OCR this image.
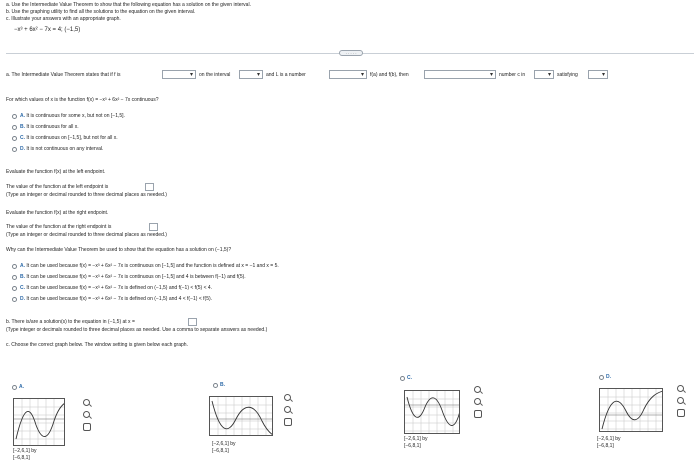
a. Use the Intermediate Value Theorem to show that the following equation has a solution on the given interval.
b. Use the graphing utility to find all the solutions to the equation on the given interval.
c. Illustrate your answers with an appropriate graph.
−x³ + 6x² − 7x = 4; (−1,5)
· · · · ·
a. The Intermediate Value Theorem states that if f is	▾ on the interval	▾ and L is a number	▾ f(a) and f(b), then	▾ number c in	▾ satisfying	▾
For which values of x is the function f(x) = −x³ + 6x² − 7x continuous?
A. It is continuous for some x, but not on [−1,5].
B. It is continuous for all x.
C. It is continuous on [−1,5], but not for all x.
D. It is not continuous on any interval.
Evaluate the function f(x) at the left endpoint.
The value of the function at the left endpoint is
(Type an integer or decimal rounded to three decimal places as needed.)
Evaluate the function f(x) at the right endpoint.
The value of the function at the right endpoint is
(Type an integer or decimal rounded to three decimal places as needed.)
Why can the Intermediate Value Theorem be used to show that the equation has a solution on (−1,5)?
A. It can be used because f(x) = −x³ + 6x² − 7x is continuous on [−1,5] and the function is defined at x = −1 and x = 5.
B. It can be used because f(x) = −x³ + 6x² − 7x is continuous on [−1,5] and 4 is between f(−1) and f(5).
C. It can be used because f(x) = −x³ + 6x² − 7x is defined on (−1,5) and f(−1) < f(5) < 4.
D. It can be used because f(x) = −x³ + 6x² − 7x is defined on (−1,5) and 4 < f(−1) < f(5).
b. There is/are a solution(s) to the equation in (−1,5) at x =
(Type integer or decimals rounded to three decimal places as needed. Use a comma to separate answers as needed.)
c. Choose the correct graph below. The window setting is given below each graph.
A.
[−2,6,1] by
[−6,8,1]
B.
[−2,6,1] by
[−6,8,1]
C.
[−2,6,1] by
[−6,8,1]
D.
[−2,6,1] by
[−6,8,1]
